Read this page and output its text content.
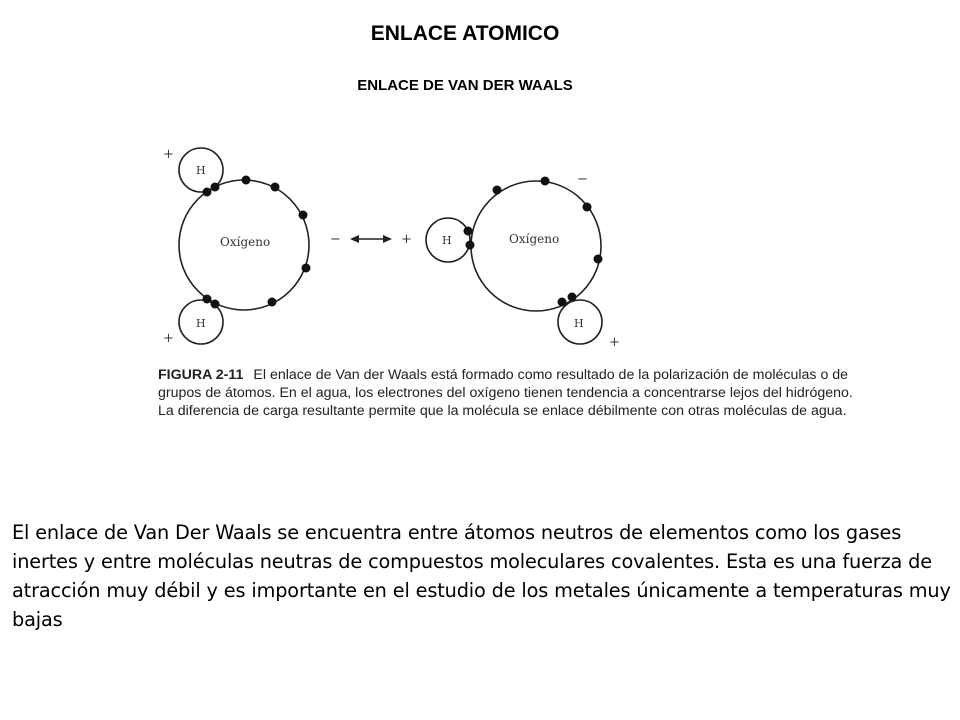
ENLACE ATOMICO
ENLACE DE VAN DER WAALS
Oxígeno
H
H
+
+
−	Oxígeno
H
H
+
−
+
FIGURA 2-11 El enlace de Van der Waals está formado como resultado de la polarización de moléculas o de grupos de átomos. En el agua, los electrones del oxígeno tienen tendencia a concentrarse lejos del hidrógeno. La diferencia de carga resultante permite que la molécula se enlace débilmente con otras moléculas de agua.
El enlace de Van Der Waals se encuentra entre átomos neutros de elementos como los gases inertes y entre moléculas neutras de compuestos moleculares covalentes. Esta es una fuerza de atracción muy débil y es importante en el estudio de los metales únicamente a temperaturas muy bajas
